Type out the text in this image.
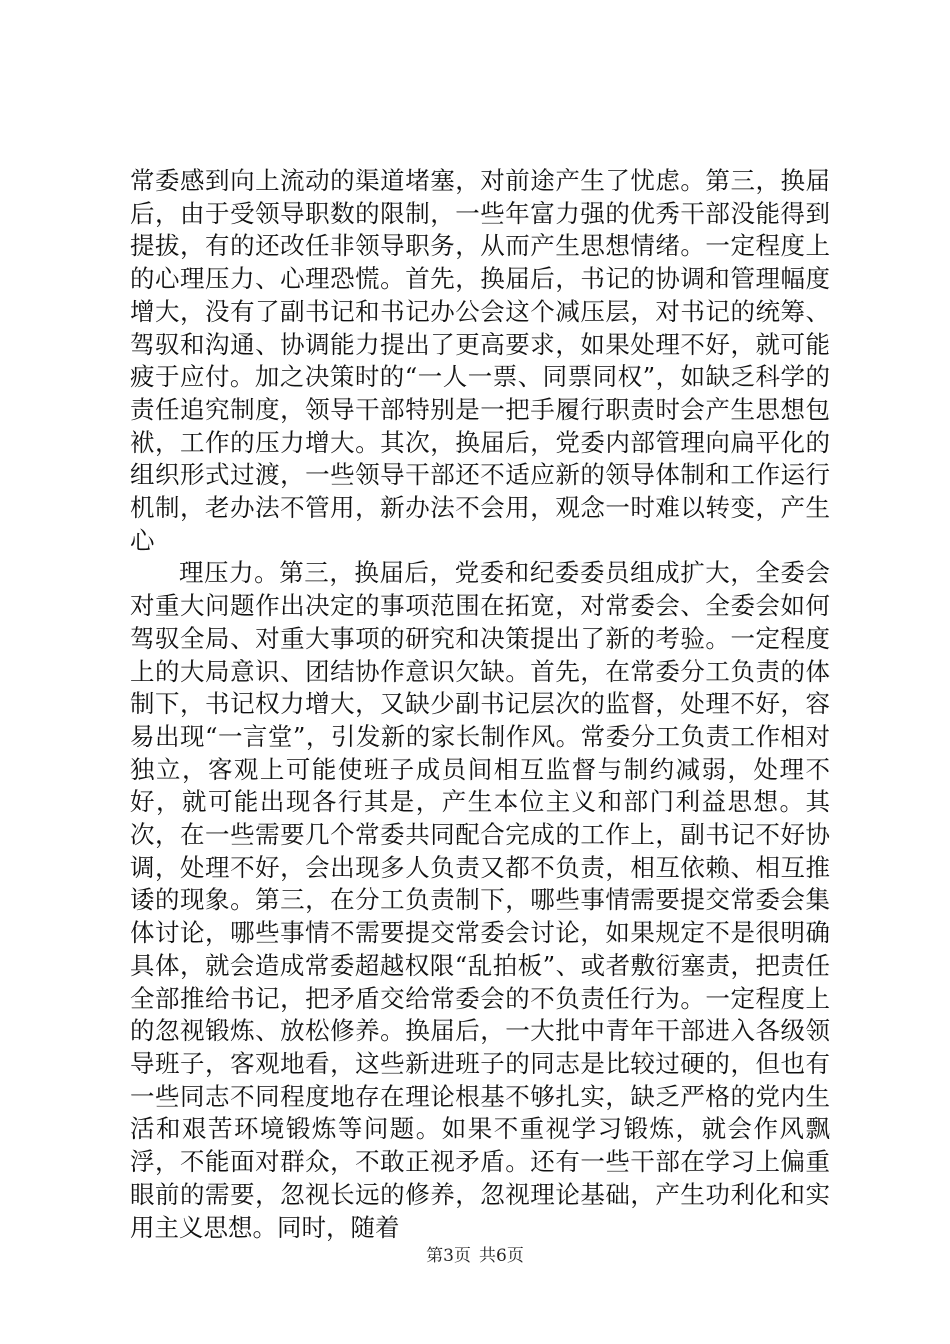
常委感到向上流动的渠道堵塞，对前途产生了忧虑。第三，换届后，由于受领导职数的限制，一些年富力强的优秀干部没能得到提拔，有的还改任非领导职务，从而产生思想情绪。一定程度上的心理压力、心理恐慌。首先，换届后，书记的协调和管理幅度增大，没有了副书记和书记办公会这个减压层，对书记的统筹、驾驭和沟通、协调能力提出了更高要求，如果处理不好，就可能疲于应付。加之决策时的“一人一票、同票同权”，如缺乏科学的责任追究制度，领导干部特别是一把手履行职责时会产生思想包袱，工作的压力增大。其次，换届后，党委内部管理向扁平化的组织形式过渡，一些领导干部还不适应新的领导体制和工作运行机制，老办法不管用，新办法不会用，观念一时难以转变，产生心

理压力。第三，换届后，党委和纪委委员组成扩大，全委会对重大问题作出决定的事项范围在拓宽，对常委会、全委会如何驾驭全局、对重大事项的研究和决策提出了新的考验。一定程度上的大局意识、团结协作意识欠缺。首先，在常委分工负责的体制下，书记权力增大，又缺少副书记层次的监督，处理不好，容易出现“一言堂”，引发新的家长制作风。常委分工负责工作相对独立，客观上可能使班子成员间相互监督与制约减弱，处理不好，就可能出现各行其是，产生本位主义和部门利益思想。其次，在一些需要几个常委共同配合完成的工作上，副书记不好协调，处理不好，会出现多人负责又都不负责，相互依赖、相互推诿的现象。第三，在分工负责制下，哪些事情需要提交常委会集体讨论，哪些事情不需要提交常委会讨论，如果规定不是很明确具体，就会造成常委超越权限“乱拍板”、或者敷衍塞责，把责任全部推给书记，把矛盾交给常委会的不负责任行为。一定程度上的忽视锻炼、放松修养。换届后，一大批中青年干部进入各级领导班子，客观地看，这些新进班子的同志是比较过硬的，但也有一些同志不同程度地存在理论根基不够扎实，缺乏严格的党内生活和艰苦环境锻炼等问题。如果不重视学习锻炼，就会作风飘浮，不能面对群众，不敢正视矛盾。还有一些干部在学习上偏重眼前的需要，忽视长远的修养，忽视理论基础，产生功利化和实用主义思想。同时，随着

第3页 共6页
